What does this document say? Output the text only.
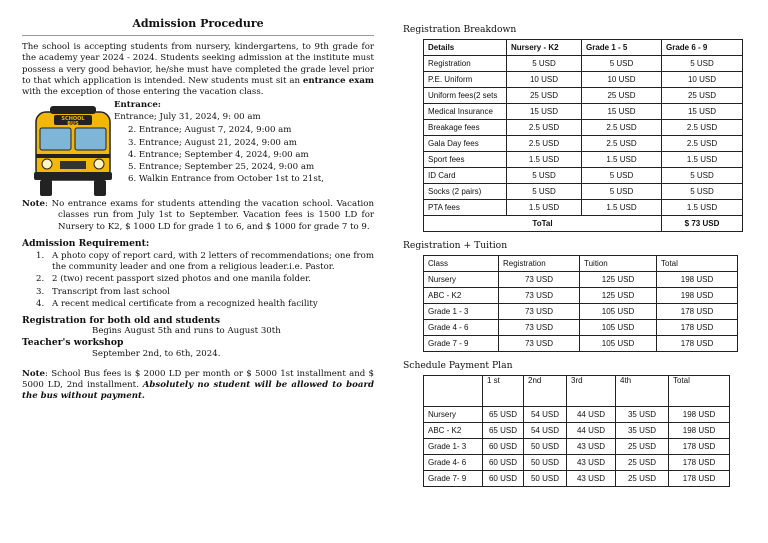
Admission Procedure
The school is accepting students from nursery, kindergartens, to 9th grade for the academy year 2024 - 2024. Students seeking admission at the institute must possess a very good behavior, he/she must have completed the grade level prior to that which application is intended. New students must sit an entrance exam with the exception of those entering the vacation class.
SCHOOL
BUS
Entrance:
Entrance; July 31, 2024, 9: 00 am
2. Entrance; August 7, 2024, 9:00 am
3. Entrance; August 21, 2024, 9:00 am
4. Entrance; September 4, 2024, 9:00 am
5. Entrance; September 25, 2024, 9:00 am
6. Walkin Entrance from October 1st to 21st,
Note: No entrance exams for students attending the vacation school. Vacation classes run from July 1st to September. Vacation fees is 1500 LD for Nursery to K2, $ 1000 LD for grade 1 to 6, and $ 1000 for grade 7 to 9.
Admission Requirement:
1. A photo copy of report card, with 2 letters of recommendations; one from the community leader and one from a religious leader.i.e. Pastor.
2. 2 (two) recent passport sized photos and one manila folder.
3. Transcript from last school
4. A recent medical certificate from a recognized health facility
Registration for both old and students
Begins August 5th and runs to August 30th
Teacher's workshop
September 2nd, to 6th, 2024.
Note: School Bus fees is $ 2000 LD per month or $ 5000 1st installment and $ 5000 LD, 2nd installment. Absolutely no student will be allowed to board the bus without payment.
Registration Breakdown
Details	Nursery - K2	Grade 1 - 5	Grade 6 - 9
Registration	5 USD	5 USD	5 USD
P.E. Uniform	10 USD	10 USD	10 USD
Uniform fees(2 sets	25 USD	25 USD	25 USD
Medical Insurance	15 USD	15 USD	15 USD
Breakage fees	2.5 USD	2.5 USD	2.5 USD
Gala Day fees	2.5 USD	2.5 USD	2.5 USD
Sport fees	1.5 USD	1.5 USD	1.5 USD
ID Card	5 USD	5 USD	5 USD
Socks (2 pairs)	5 USD	5 USD	5 USD
PTA fees	1.5 USD	1.5 USD	1.5 USD
ToTal			$ 73 USD
Registration + Tuition
Class	Registration	Tuition	Total
Nursery	73 USD	125 USD	198 USD
ABC - K2	73 USD	125 USD	198 USD
Grade 1 - 3	73 USD	105 USD	178 USD
Grade 4 - 6	73 USD	105 USD	178 USD
Grade 7 - 9	73 USD	105 USD	178 USD
Schedule Payment Plan
	1 st	2nd	3rd	4th	Total
Nursery	65 USD	54 USD	44 USD	35 USD	198 USD
ABC - K2	65 USD	54 USD	44 USD	35 USD	198 USD
Grade 1- 3	60 USD	50 USD	43 USD	25 USD	178 USD
Grade 4- 6	60 USD	50 USD	43 USD	25 USD	178 USD
Grade 7- 9	60 USD	50 USD	43 USD	25 USD	178 USD
